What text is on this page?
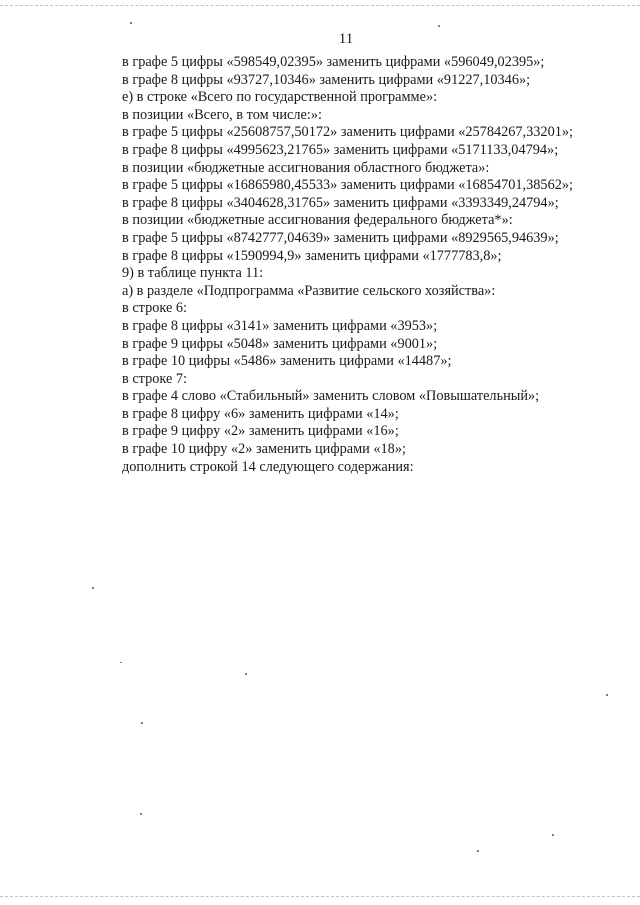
11
в графе 5 цифры «598549,02395» заменить цифрами «596049,02395»;
в графе 8 цифры «93727,10346» заменить цифрами «91227,10346»;
е) в строке «Всего по государственной программе»:
в позиции «Всего, в том числе:»:
в графе 5 цифры «25608757,50172» заменить цифрами «25784267,33201»;
в графе 8 цифры «4995623,21765» заменить цифрами «5171133,04794»;
в позиции «бюджетные ассигнования областного бюджета»:
в графе 5 цифры «16865980,45533» заменить цифрами «16854701,38562»;
в графе 8 цифры «3404628,31765» заменить цифрами «3393349,24794»;
в позиции «бюджетные ассигнования федерального бюджета*»:
в графе 5 цифры «8742777,04639» заменить цифрами «8929565,94639»;
в графе 8 цифры «1590994,9» заменить цифрами «1777783,8»;
9) в таблице пункта 11:
а) в разделе «Подпрограмма «Развитие сельского хозяйства»:
в строке 6:
в графе 8 цифры «3141» заменить цифрами «3953»;
в графе 9 цифры «5048» заменить цифрами «9001»;
в графе 10 цифры «5486» заменить цифрами «14487»;
в строке 7:
в графе 4 слово «Стабильный» заменить словом «Повышательный»;
в графе 8 цифру «6» заменить цифрами «14»;
в графе 9 цифру «2» заменить цифрами «16»;
в графе 10 цифру «2» заменить цифрами «18»;
дополнить строкой 14 следующего содержания:
